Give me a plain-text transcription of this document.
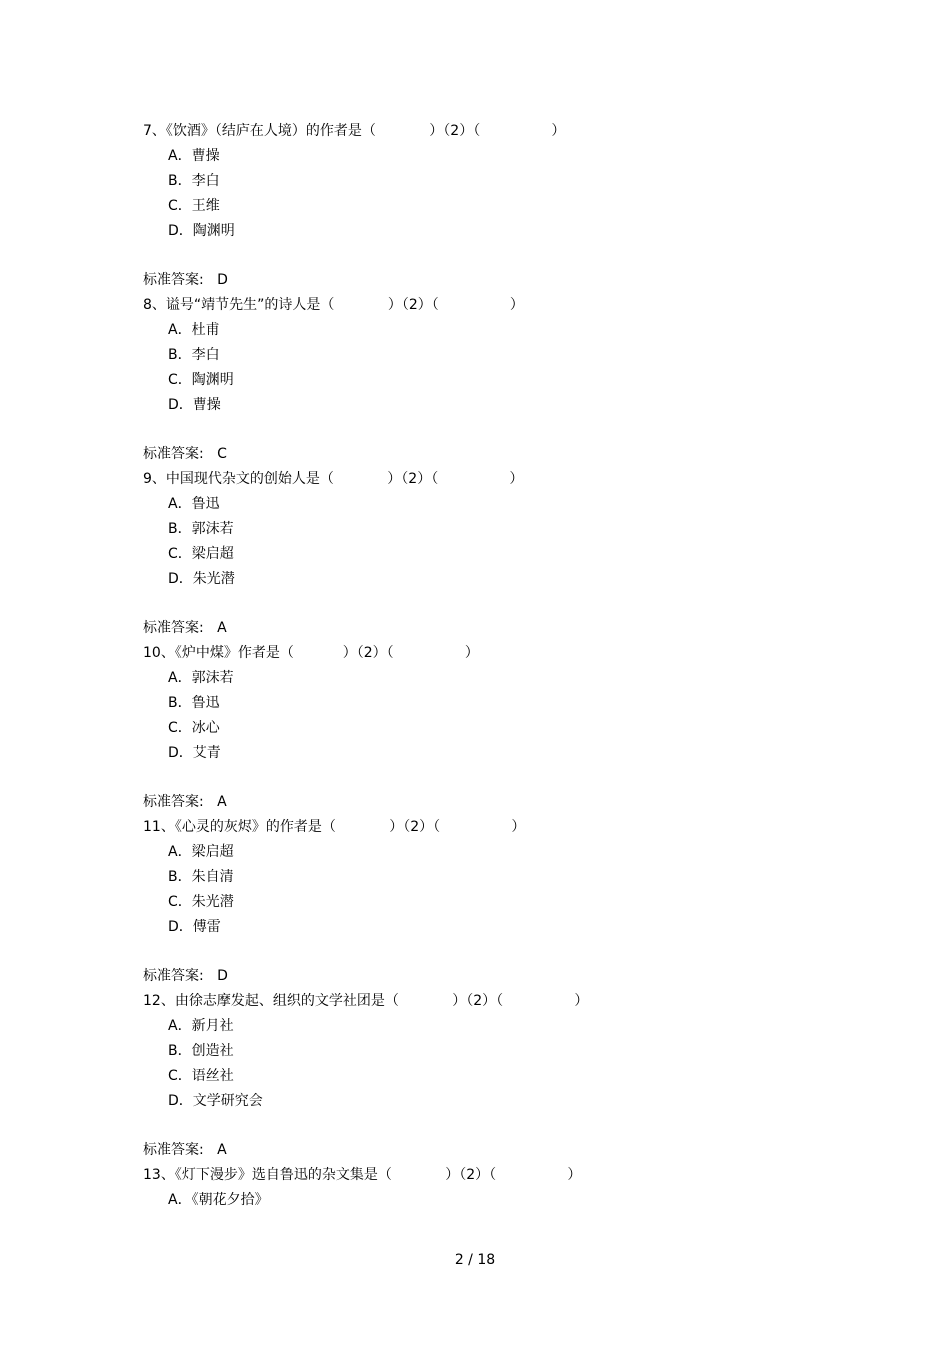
7、《饮酒》（结庐在人境）的作者是（            ）（2）（                ）
A．曹操
B．李白
C．王维
D．陶渊明
标准答案: D
8、谥号“靖节先生”的诗人是（            ）（2）（                ）
A．杜甫
B．李白
C．陶渊明
D．曹操
标准答案: C
9、中国现代杂文的创始人是（            ）（2）（                ）
A．鲁迅
B．郭沫若
C．梁启超
D．朱光潜
标准答案: A
10、《炉中煤》作者是（           ）（2）（                ）
A．郭沫若
B．鲁迅
C．冰心
D．艾青
标准答案: A
11、《心灵的灰烬》的作者是（            ）（2）（                ）
A．梁启超
B．朱自清
C．朱光潜
D．傅雷
标准答案: D
12、由徐志摩发起、组织的文学社团是（            ）（2）（                ）
A．新月社
B．创造社
C．语丝社
D．文学研究会
标准答案: A
13、《灯下漫步》选自鲁迅的杂文集是（            ）（2）（                ）
A．《朝花夕拾》
2 / 18
